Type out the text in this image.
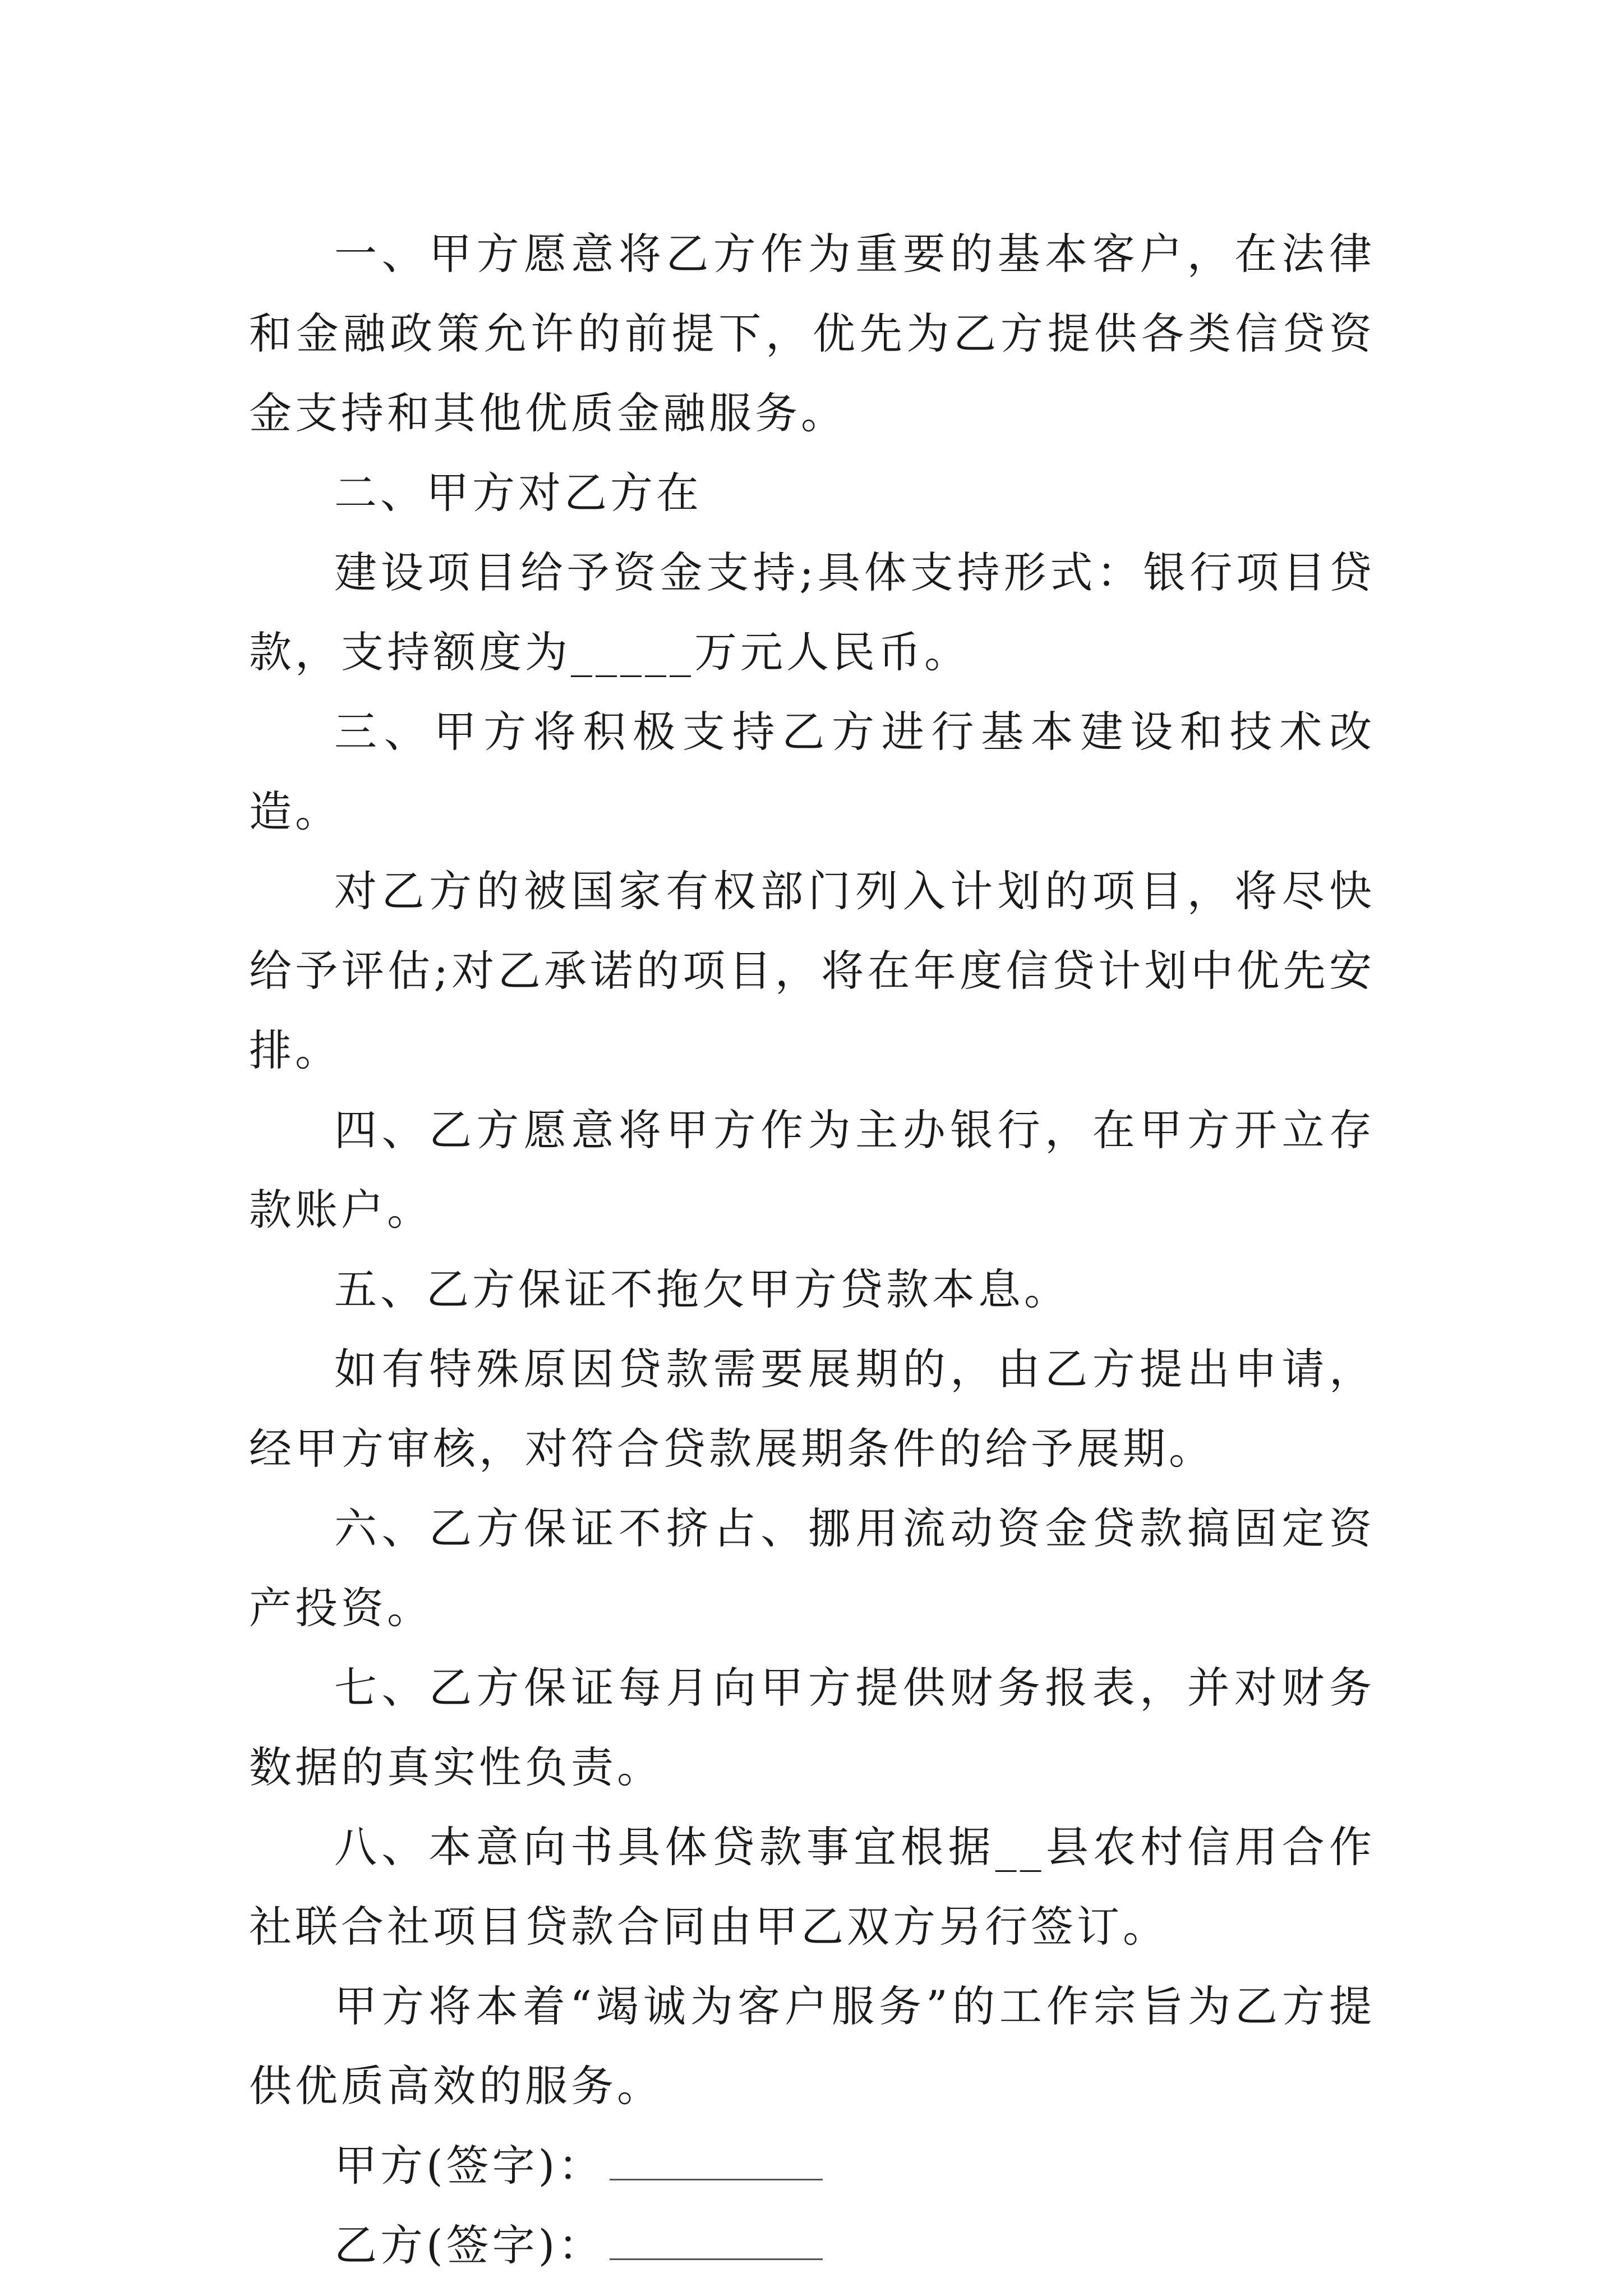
一、甲方愿意将乙方作为重要的基本客户，在法律和金融政策允许的前提下，优先为乙方提供各类信贷资金支持和其他优质金融服务。

二、甲方对乙方在

建设项目给予资金支持;具体支持形式：银行项目贷款，支持额度为_____万元人民币。

三、甲方将积极支持乙方进行基本建设和技术改造。

对乙方的被国家有权部门列入计划的项目，将尽快给予评估;对乙承诺的项目，将在年度信贷计划中优先安排。

四、乙方愿意将甲方作为主办银行，在甲方开立存款账户。

五、乙方保证不拖欠甲方贷款本息。

如有特殊原因贷款需要展期的，由乙方提出申请，经甲方审核，对符合贷款展期条件的给予展期。

六、乙方保证不挤占、挪用流动资金贷款搞固定资产投资。

七、乙方保证每月向甲方提供财务报表，并对财务数据的真实性负责。

八、本意向书具体贷款事宜根据__县农村信用合作社联合社项目贷款合同由甲乙双方另行签订。

甲方将本着“竭诚为客户服务”的工作宗旨为乙方提供优质高效的服务。

甲方(签字)：

乙方(签字)：
